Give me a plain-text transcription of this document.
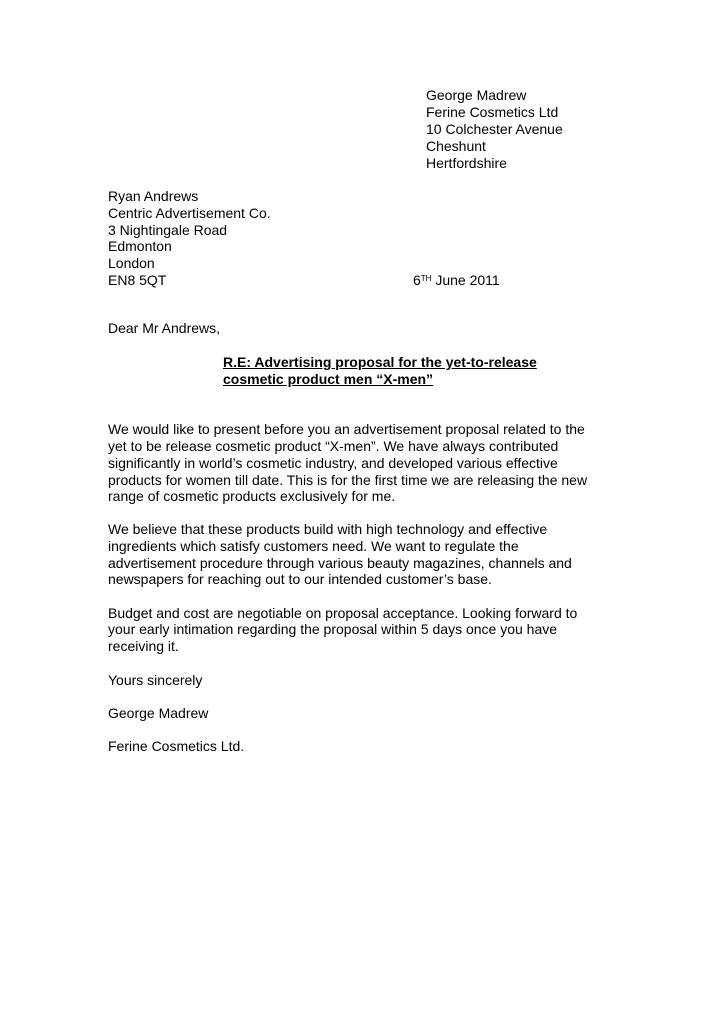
George Madrew
Ferine Cosmetics Ltd
10 Colchester Avenue
Cheshunt
Hertfordshire
Ryan Andrews
Centric Advertisement Co.
3 Nightingale Road
Edmonton
London
EN8 5QT	6TH June 2011
Dear Mr Andrews,
R.E: Advertising proposal for the yet-to-release
cosmetic product men “X-men”
We would like to present before you an advertisement proposal related to the
yet to be release cosmetic product “X-men”. We have always contributed
significantly in world’s cosmetic industry, and developed various effective
products for women till date. This is for the first time we are releasing the new
range of cosmetic products exclusively for me.
We believe that these products build with high technology and effective
ingredients which satisfy customers need. We want to regulate the
advertisement procedure through various beauty magazines, channels and
newspapers for reaching out to our intended customer’s base.
Budget and cost are negotiable on proposal acceptance. Looking forward to
your early intimation regarding the proposal within 5 days once you have
receiving it.
Yours sincerely
George Madrew
Ferine Cosmetics Ltd.
